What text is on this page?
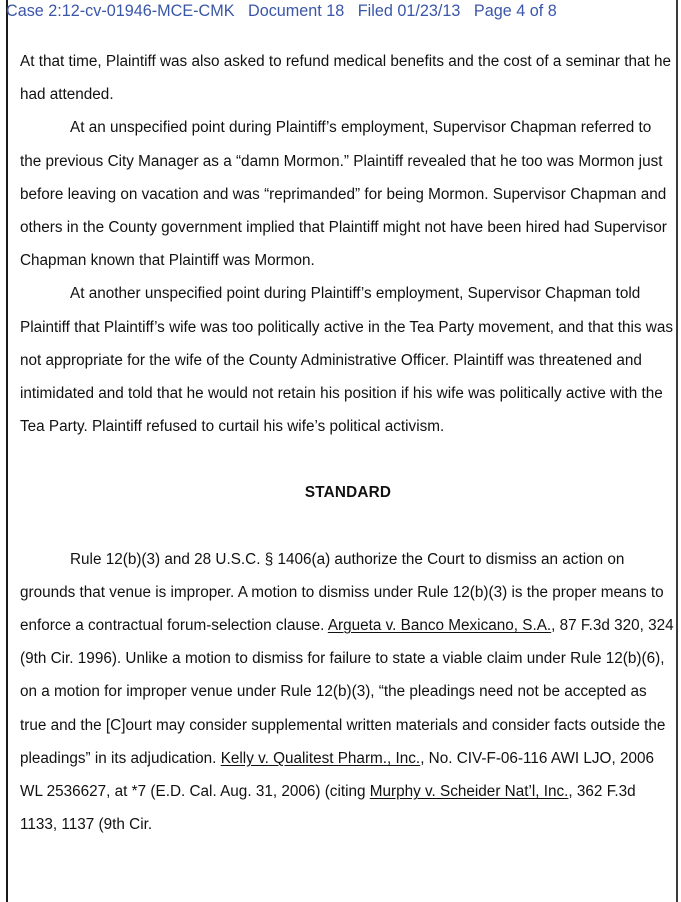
Case 2:12-cv-01946-MCE-CMK Document 18 Filed 01/23/13 Page 4 of 8

At that time, Plaintiff was also asked to refund medical benefits and the cost of a seminar that he had attended.

At an unspecified point during Plaintiff’s employment, Supervisor Chapman referred to the previous City Manager as a “damn Mormon.” Plaintiff revealed that he too was Mormon just before leaving on vacation and was “reprimanded” for being Mormon. Supervisor Chapman and others in the County government implied that Plaintiff might not have been hired had Supervisor Chapman known that Plaintiff was Mormon.

At another unspecified point during Plaintiff’s employment, Supervisor Chapman told Plaintiff that Plaintiff’s wife was too politically active in the Tea Party movement, and that this was not appropriate for the wife of the County Administrative Officer. Plaintiff was threatened and intimidated and told that he would not retain his position if his wife was politically active with the Tea Party. Plaintiff refused to curtail his wife’s political activism.

STANDARD

Rule 12(b)(3) and 28 U.S.C. § 1406(a) authorize the Court to dismiss an action on grounds that venue is improper. A motion to dismiss under Rule 12(b)(3) is the proper means to enforce a contractual forum-selection clause. Argueta v. Banco Mexicano, S.A., 87 F.3d 320, 324 (9th Cir. 1996). Unlike a motion to dismiss for failure to state a viable claim under Rule 12(b)(6), on a motion for improper venue under Rule 12(b)(3), “the pleadings need not be accepted as true and the [C]ourt may consider supplemental written materials and consider facts outside the pleadings” in its adjudication. Kelly v. Qualitest Pharm., Inc., No. CIV-F-06-116 AWI LJO, 2006 WL 2536627, at *7 (E.D. Cal. Aug. 31, 2006) (citing Murphy v. Scheider Nat’l, Inc., 362 F.3d 1133, 1137 (9th Cir.
